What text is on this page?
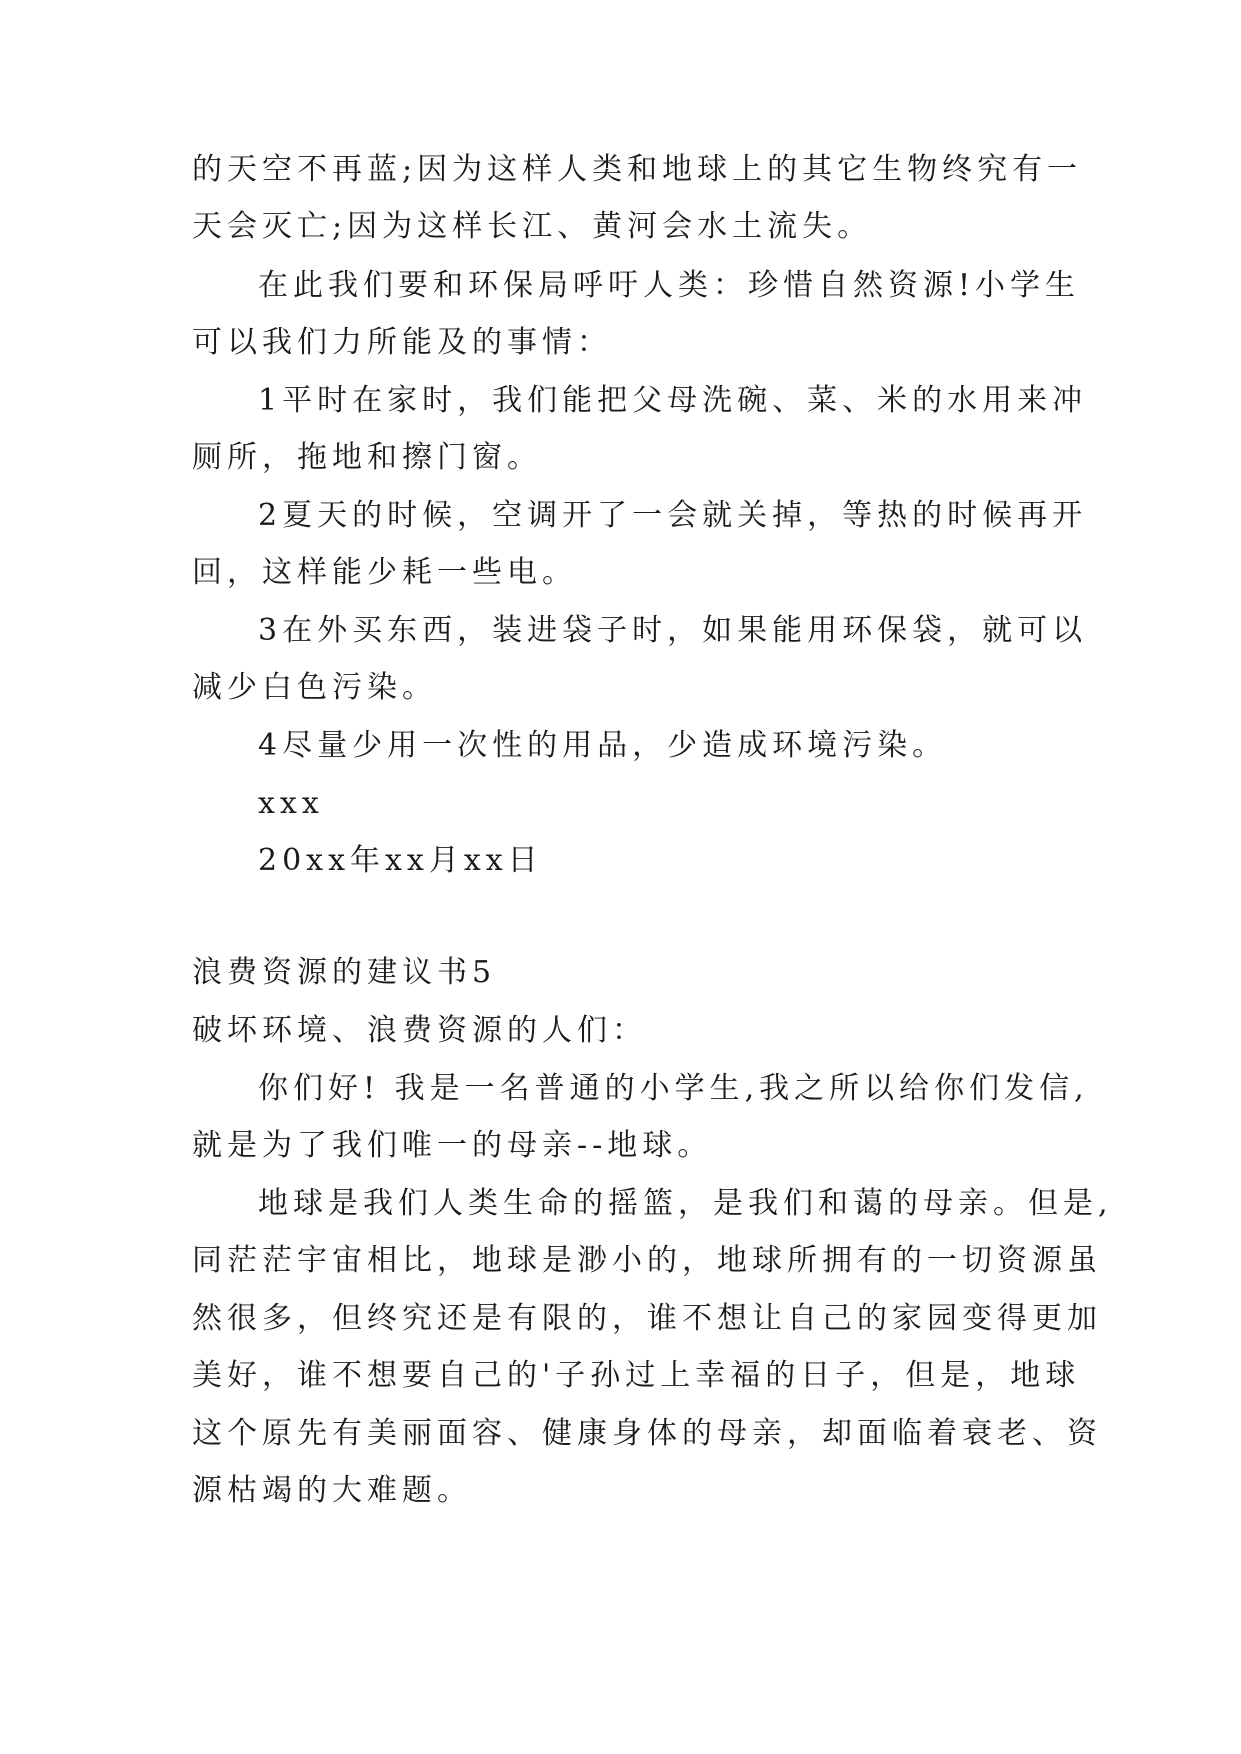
的天空不再蓝;因为这样人类和地球上的其它生物终究有一
天会灭亡;因为这样长江、黄河会水土流失。
在此我们要和环保局呼吁人类：珍惜自然资源!小学生
可以我们力所能及的事情：
1平时在家时，我们能把父母洗碗、菜、米的水用来冲
厕所，拖地和擦门窗。
2夏天的时候，空调开了一会就关掉，等热的时候再开
回，这样能少耗一些电。
3在外买东西，装进袋子时，如果能用环保袋，就可以
减少白色污染。
4尽量少用一次性的用品，少造成环境污染。
xxx
20xx年xx月xx日
浪费资源的建议书5
破坏环境、浪费资源的人们：
你们好! 我是一名普通的小学生,我之所以给你们发信,
就是为了我们唯一的母亲--地球。
地球是我们人类生命的摇篮，是我们和蔼的母亲。但是,
同茫茫宇宙相比，地球是渺小的，地球所拥有的一切资源虽
然很多，但终究还是有限的，谁不想让自己的家园变得更加
美好，谁不想要自己的'子孙过上幸福的日子，但是，地球
这个原先有美丽面容、健康身体的母亲，却面临着衰老、资
源枯竭的大难题。
